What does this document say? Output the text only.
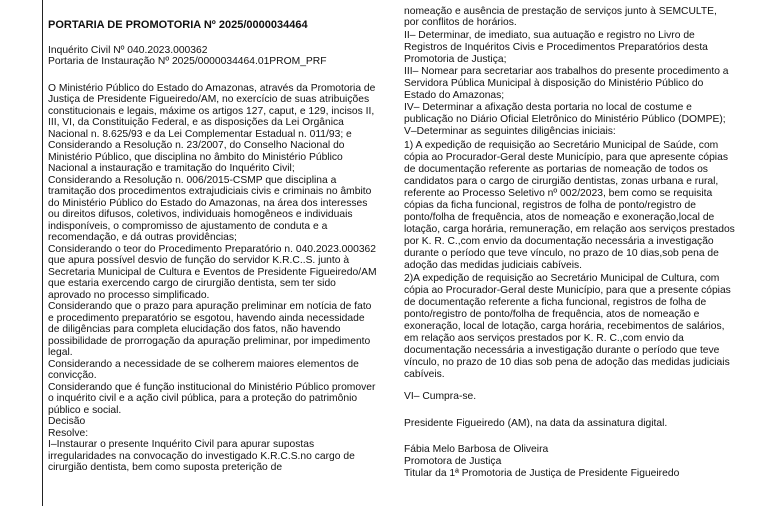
PORTARIA DE PROMOTORIA Nº 2025/0000034464
Inquérito Civil Nº 040.2023.000362
Portaria de Instauração Nº 2025/0000034464.01PROM_PRF
O Ministério Público do Estado do Amazonas, através da Promotoria de
Justiça de Presidente Figueiredo/AM, no exercício de suas atribuições
constitucionais e legais, máxime os artigos 127, caput, e 129, incisos II,
III, VI, da Constituição Federal, e as disposições da Lei Orgânica
Nacional n. 8.625/93 e da Lei Complementar Estadual n. 011/93; e
Considerando a Resolução n. 23/2007, do Conselho Nacional do
Ministério Público, que disciplina no âmbito do Ministério Público
Nacional a instauração e tramitação do Inquérito Civil;
Considerando a Resolução n. 006/2015-CSMP que disciplina a
tramitação dos procedimentos extrajudiciais civis e criminais no âmbito
do Ministério Público do Estado do Amazonas, na área dos interesses
ou direitos difusos, coletivos, individuais homogêneos e individuais
indisponíveis, o compromisso de ajustamento de conduta e a
recomendação, e dá outras providências;
Considerando o teor do Procedimento Preparatório n. 040.2023.000362
que apura possível desvio de função do servidor K.R.C..S. junto à
Secretaria Municipal de Cultura e Eventos de Presidente Figueiredo/AM
que estaria exercendo cargo de cirurgião dentista, sem ter sido
aprovado no processo simplificado.
Considerando que o prazo para apuração preliminar em notícia de fato
e procedimento preparatório se esgotou, havendo ainda necessidade
de diligências para completa elucidação dos fatos, não havendo
possibilidade de prorrogação da apuração preliminar, por impedimento
legal.
Considerando a necessidade de se colherem maiores elementos de
convicção.
Considerando que é função institucional do Ministério Público promover
o inquérito civil e a ação civil pública, para a proteção do patrimônio
público e social.
Decisão
Resolve:
I–Instaurar o presente Inquérito Civil para apurar supostas
irregularidades na convocação do investigado K.R.C.S.no cargo de
cirurgião dentista, bem como suposta preterição de
nomeação e ausência de prestação de serviços junto à SEMCULTE,
por conflitos de horários.
II– Determinar, de imediato, sua autuação e registro no Livro de
Registros de Inquéritos Civis e Procedimentos Preparatórios desta
Promotoria de Justiça;
III– Nomear para secretariar aos trabalhos do presente procedimento a
Servidora Pública Municipal à disposição do Ministério Público do
Estado do Amazonas;
IV– Determinar a afixação desta portaria no local de costume e
publicação no Diário Oficial Eletrônico do Ministério Público (DOMPE);
V–Determinar as seguintes diligências iniciais:
1) A expedição de requisição ao Secretário Municipal de Saúde, com
cópia ao Procurador-Geral deste Município, para que apresente cópias
de documentação referente as portarias de nomeação de todos os
candidatos para o cargo de cirurgião dentistas, zonas urbana e rural,
referente ao Processo Seletivo nº 002/2023, bem como se requisita
cópias da ficha funcional, registros de folha de ponto/registro de
ponto/folha de frequência, atos de nomeação e exoneração,local de
lotação, carga horária, remuneração, em relação aos serviços prestados
por K. R. C.,com envio da documentação necessária a investigação
durante o período que teve vínculo, no prazo de 10 dias,sob pena de
adoção das medidas judiciais cabíveis.
2)A expedição de requisição ao Secretário Municipal de Cultura, com
cópia ao Procurador-Geral deste Município, para que a presente cópias
de documentação referente a ficha funcional, registros de folha de
ponto/registro de ponto/folha de frequência, atos de nomeação e
exoneração, local de lotação, carga horária, recebimentos de salários,
em relação aos serviços prestados por K. R. C.,com envio da
documentação necessária a investigação durante o período que teve
vínculo, no prazo de 10 dias sob pena de adoção das medidas judiciais
cabíveis.
VI– Cumpra-se.
Presidente Figueiredo (AM), na data da assinatura digital.
Fábia Melo Barbosa de Oliveira
Promotora de Justiça
Titular da 1ª Promotoria de Justiça de Presidente Figueiredo
